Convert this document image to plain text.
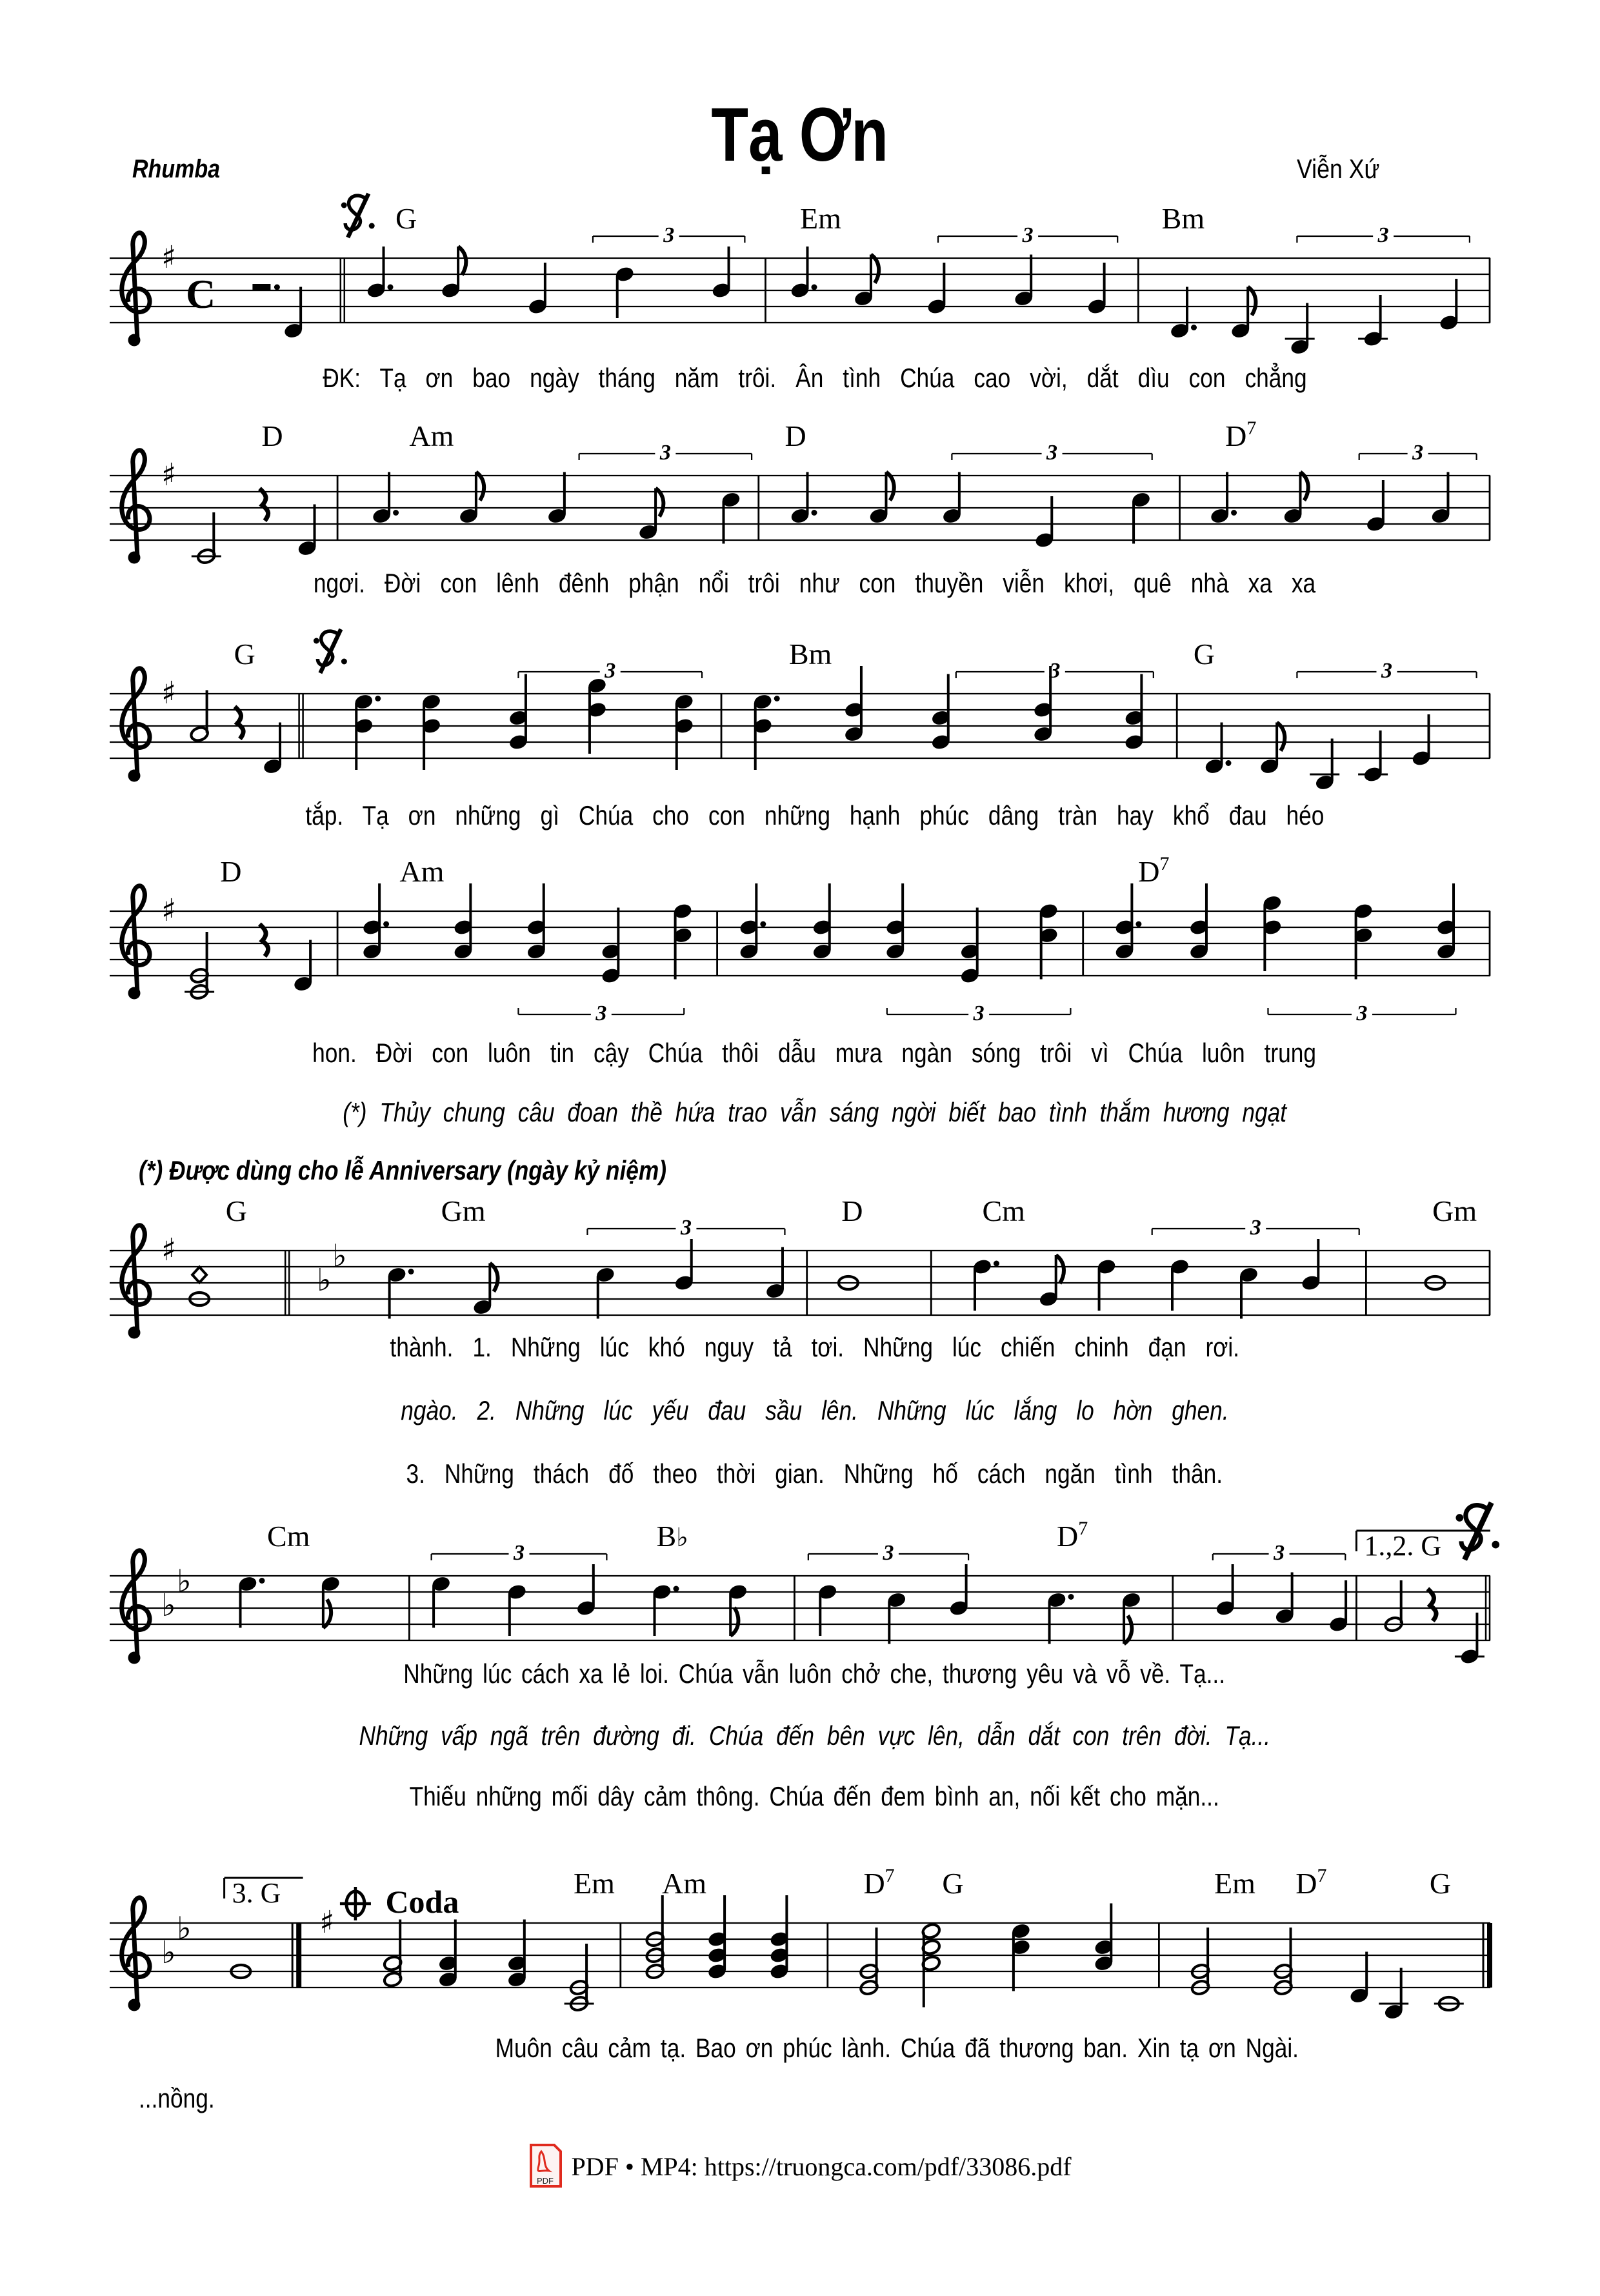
Rhumba	Tạ Ơn	Viễn Xứ
♯
C
3	3	3
G	Em	Bm
♯
3	3	3
D	Am	D	$D^7$
♯
3	3	3
G	Bm	G
♯
3	3	3
D	Am	$D^7$
♯
♭
♭
3	3
G	Gm	D	Cm	Gm
♭
♭
3	3	3	1.,2. G
Cm	B♭	$D^7$
♭
♭	♯
3. G	Coda
Em Am	$D^7$ G	Em $D^7$	G
ĐK: Tạ ơn bao ngày tháng năm trôi. Ân tình Chúa cao vời, dắt dìu con chẳng
ngơi. Đời con lênh đênh phận nổi trôi như con thuyền viễn khơi, quê nhà xa xa
tắp. Tạ ơn những gì Chúa cho con những hạnh phúc dâng tràn hay khổ đau héo
hon. Đời con luôn tin cậy Chúa thôi dẫu mưa ngàn sóng trôi vì Chúa luôn trung
(*) Thủy chung câu đoan thề hứa trao vẫn sáng ngời biết bao tình thắm hương ngạt
(*) Được dùng cho lễ Anniversary (ngày kỷ niệm)
thành. 1. Những lúc khó nguy tả tơi. Những lúc chiến chinh đạn rơi.
ngào. 2. Những lúc yếu đau sầu lên. Những lúc lắng lo hờn ghen.
3. Những thách đố theo thời gian. Những hố cách ngăn tình thân.
Những lúc cách xa lẻ loi. Chúa vẫn luôn chở che, thương yêu và vỗ về. Tạ...
Những vấp ngã trên đường đi. Chúa đến bên vực lên, dẫn dắt con trên đời. Tạ...
Thiếu những mối dây cảm thông. Chúa đến đem bình an, nối kết cho mặn...
Muôn câu cảm tạ. Bao ơn phúc lành. Chúa đã thương ban. Xin tạ ơn Ngài.
...nồng.
PDF PDF • MP4: https://truongca.com/pdf/33086.pdf
